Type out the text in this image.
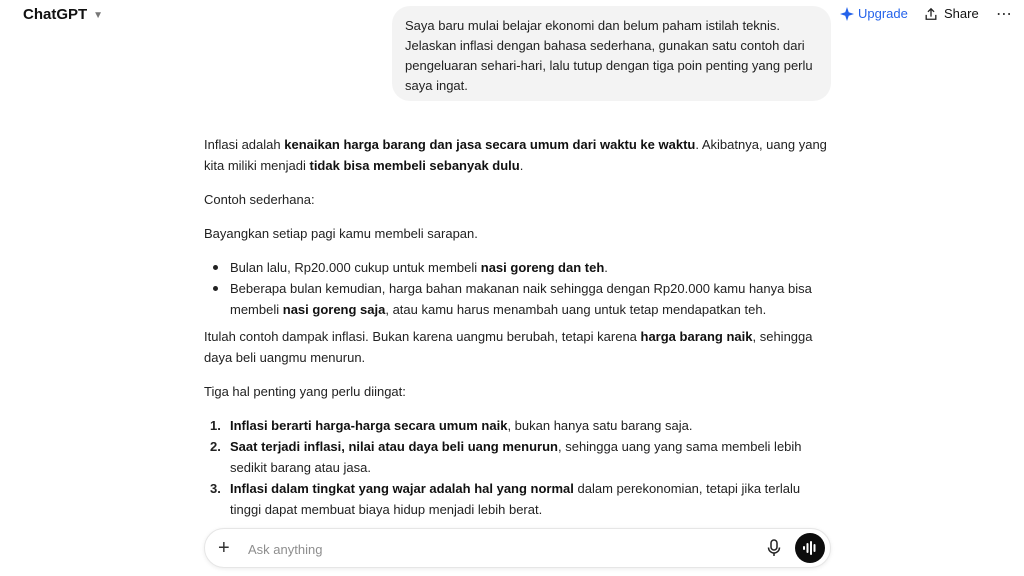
ChatGPT ▼	Upgrade	Share ⋯
Saya baru mulai belajar ekonomi dan belum paham istilah teknis. Jelaskan inflasi dengan bahasa sederhana, gunakan satu contoh dari pengeluaran sehari-hari, lalu tutup dengan tiga poin penting yang perlu saya ingat.

Inflasi adalah kenaikan harga barang dan jasa secara umum dari waktu ke waktu. Akibatnya, uang yang kita miliki menjadi tidak bisa membeli sebanyak dulu.

Contoh sederhana:

Bayangkan setiap pagi kamu membeli sarapan.

Bulan lalu, Rp20.000 cukup untuk membeli nasi goreng dan teh.
Beberapa bulan kemudian, harga bahan makanan naik sehingga dengan Rp20.000 kamu hanya bisa membeli nasi goreng saja, atau kamu harus menambah uang untuk tetap mendapatkan teh.

Itulah contoh dampak inflasi. Bukan karena uangmu berubah, tetapi karena harga barang naik, sehingga daya beli uangmu menurun.

Tiga hal penting yang perlu diingat:

1. Inflasi berarti harga-harga secara umum naik, bukan hanya satu barang saja.
2. Saat terjadi inflasi, nilai atau daya beli uang menurun, sehingga uang yang sama membeli lebih sedikit barang atau jasa.
3. Inflasi dalam tingkat yang wajar adalah hal yang normal dalam perekonomian, tetapi jika terlalu tinggi dapat membuat biaya hidup menjadi lebih berat.
+
Ask anything
